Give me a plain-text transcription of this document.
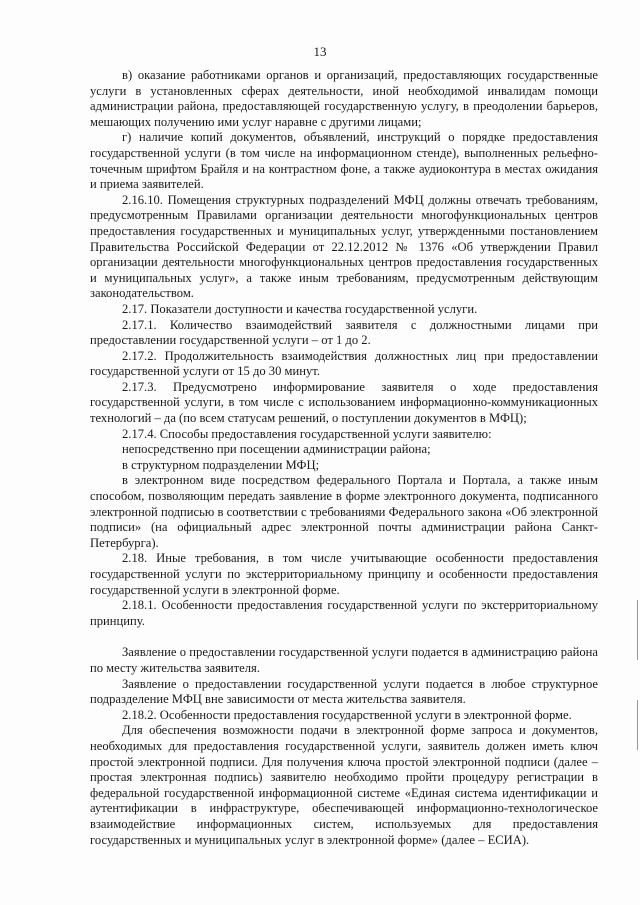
13

в) оказание работниками органов и организаций, предоставляющих государственные услуги в установленных сферах деятельности, иной необходимой инвалидам помощи администрации района, предоставляющей государственную услугу, в преодолении барьеров, мешающих получению ими услуг наравне с другими лицами;

г) наличие копий документов, объявлений, инструкций о порядке предоставления государственной услуги (в том числе на информационном стенде), выполненных рельефно-точечным шрифтом Брайля и на контрастном фоне, а также аудиоконтура в местах ожидания и приема заявителей.

2.16.10. Помещения структурных подразделений МФЦ должны отвечать требованиям, предусмотренным Правилами организации деятельности многофункциональных центров предоставления государственных и муниципальных услуг, утвержденными постановлением Правительства Российской Федерации от 22.12.2012 № 1376 «Об утверждении Правил организации деятельности многофункциональных центров предоставления государственных и муниципальных услуг», а также иным требованиям, предусмотренным действующим законодательством.

2.17. Показатели доступности и качества государственной услуги.

2.17.1. Количество взаимодействий заявителя с должностными лицами при предоставлении государственной услуги – от 1 до 2.

2.17.2. Продолжительность взаимодействия должностных лиц при предоставлении государственной услуги от 15 до 30 минут.

2.17.3. Предусмотрено информирование заявителя о ходе предоставления государственной услуги, в том числе с использованием информационно-коммуникационных технологий – да (по всем статусам решений, о поступлении документов в МФЦ);

2.17.4. Способы предоставления государственной услуги заявителю:

непосредственно при посещении администрации района;

в структурном подразделении МФЦ;

в электронном виде посредством федерального Портала и Портала, а также иным способом, позволяющим передать заявление в форме электронного документа, подписанного электронной подписью в соответствии с требованиями Федерального закона «Об электронной подписи» (на официальный адрес электронной почты администрации района Санкт-Петербурга).

2.18. Иные требования, в том числе учитывающие особенности предоставления государственной услуги по экстерриториальному принципу и особенности предоставления государственной услуги в электронной форме.

2.18.1. Особенности предоставления государственной услуги по экстерриториальному принципу.

Заявление о предоставлении государственной услуги подается в администрацию района по месту жительства заявителя.

Заявление о предоставлении государственной услуги подается в любое структурное подразделение МФЦ вне зависимости от места жительства заявителя.

2.18.2. Особенности предоставления государственной услуги в электронной форме.

Для обеспечения возможности подачи в электронной форме запроса и документов, необходимых для предоставления государственной услуги, заявитель должен иметь ключ простой электронной подписи. Для получения ключа простой электронной подписи (далее – простая электронная подпись) заявителю необходимо пройти процедуру регистрации в федеральной государственной информационной системе «Единая система идентификации и аутентификации в инфраструктуре, обеспечивающей информационно-технологическое взаимодействие информационных систем, используемых для предоставления государственных и муниципальных услуг в электронной форме» (далее – ЕСИА).
